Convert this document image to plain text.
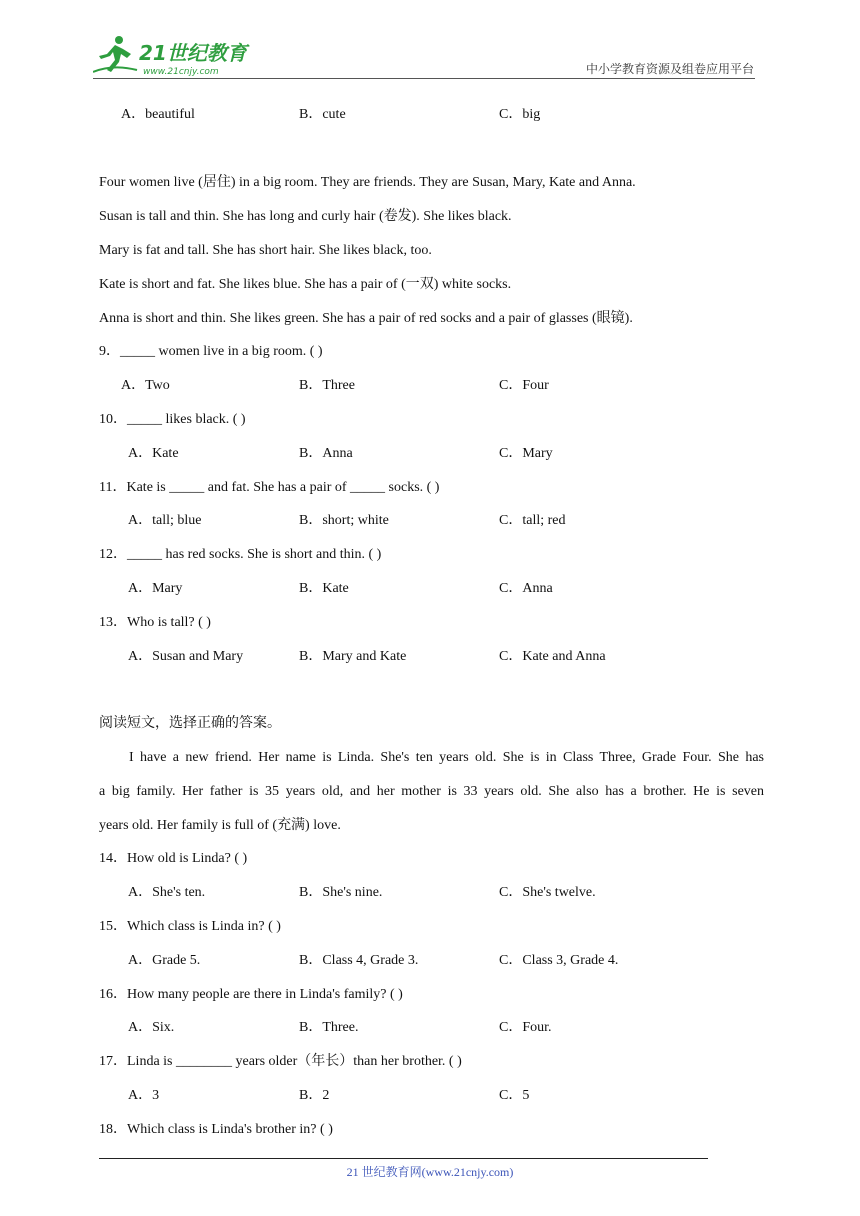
21世纪教育
www.21cnjy.com	中小学教育资源及组卷应用平台
A．beautiful	B．cute	C．big
Four women live (居住) in a big room. They are friends. They are Susan, Mary, Kate and Anna.
Susan is tall and thin. She has long and curly hair (卷发). She likes black.
Mary is fat and tall. She has short hair. She likes black, too.
Kate is short and fat. She likes blue. She has a pair of (一双) white socks.
Anna is short and thin. She likes green. She has a pair of red socks and a pair of glasses (眼镜).
9．_____ women live in a big room. ( )
A．Two	B．Three	C．Four
10．_____ likes black. ( )
A．Kate	B．Anna	C．Mary
11．Kate is _____ and fat. She has a pair of _____ socks. ( )
A．tall; blue	B．short; white	C．tall; red
12．_____ has red socks. She is short and thin. ( )
A．Mary	B．Kate	C．Anna
13．Who is tall? ( )
A．Susan and Mary	B．Mary and Kate	C．Kate and Anna
阅读短文，选择正确的答案。
I have a new friend. Her name is Linda. She's ten years old. She is in Class Three, Grade Four. She has
a big family. Her father is 35 years old, and her mother is 33 years old. She also has a brother. He is seven
years old. Her family is full of (充满) love.
14．How old is Linda? ( )
A．She's ten.	B．She's nine.	C．She's twelve.
15．Which class is Linda in? ( )
A．Grade 5.	B．Class 4, Grade 3.	C．Class 3, Grade 4.
16．How many people are there in Linda's family? ( )
A．Six.	B．Three.	C．Four.
17．Linda is ________ years older（年长）than her brother. ( )
A．3	B．2	C．5
18．Which class is Linda's brother in? ( )
21 世纪教育网(www.21cnjy.com)
